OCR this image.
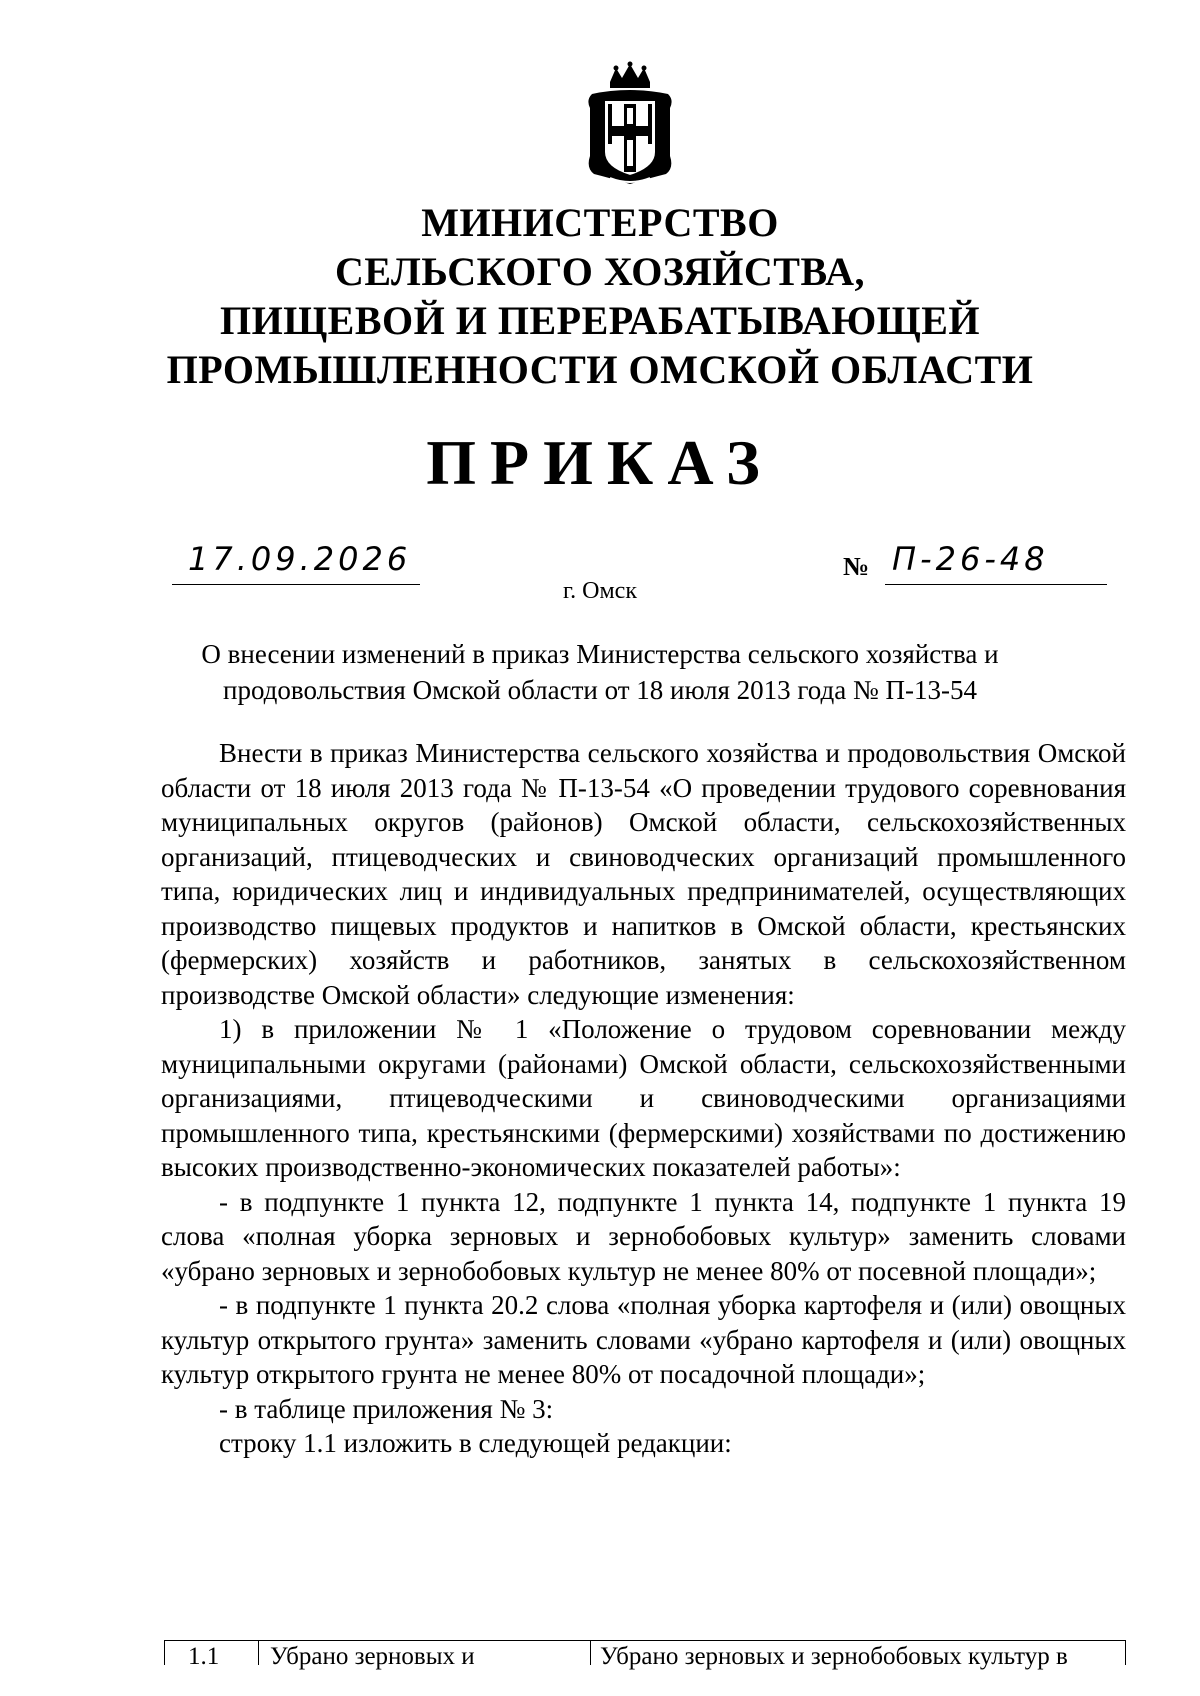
МИНИСТЕРСТВО
СЕЛЬСКОГО ХОЗЯЙСТВА,
ПИЩЕВОЙ И ПЕРЕРАБАТЫВАЮЩЕЙ
ПРОМЫШЛЕННОСТИ ОМСКОЙ ОБЛАСТИ
ПРИКАЗ
17.09.2026	№ П-26-48
г. Омск
О внесении изменений в приказ Министерства сельского хозяйства и
продовольствия Омской области от 18 июля 2013 года № П-13-54

Внести в приказ Министерства сельского хозяйства и продовольствия Омской области от 18 июля 2013 года № П-13-54 «О проведении трудового соревнования муниципальных округов (районов) Омской области, сельскохозяйственных организаций, птицеводческих и свиноводческих организаций промышленного типа, юридических лиц и индивидуальных предпринимателей, осуществляющих производство пищевых продуктов и напитков в Омской области, крестьянских (фермерских) хозяйств и работников, занятых в сельскохозяйственном производстве Омской области» следующие изменения:

1) в приложении № 1 «Положение о трудовом соревновании между муниципальными округами (районами) Омской области, сельскохозяйственными организациями, птицеводческими и свиноводческими организациями промышленного типа, крестьянскими (фермерскими) хозяйствами по достижению высоких производственно-экономических показателей работы»:

- в подпункте 1 пункта 12, подпункте 1 пункта 14, подпункте 1 пункта 19 слова «полная уборка зерновых и зернобобовых культур» заменить словами «убрано зерновых и зернобобовых культур не менее 80% от посевной площади»;

- в подпункте 1 пункта 20.2 слова «полная уборка картофеля и (или) овощных культур открытого грунта» заменить словами «убрано картофеля и (или) овощных культур открытого грунта не менее 80% от посадочной площади»;

- в таблице приложения № 3:

строку 1.1 изложить в следующей редакции:

1.1 Убрано зерновых и	Убрано зерновых и зернобобовых культур в
